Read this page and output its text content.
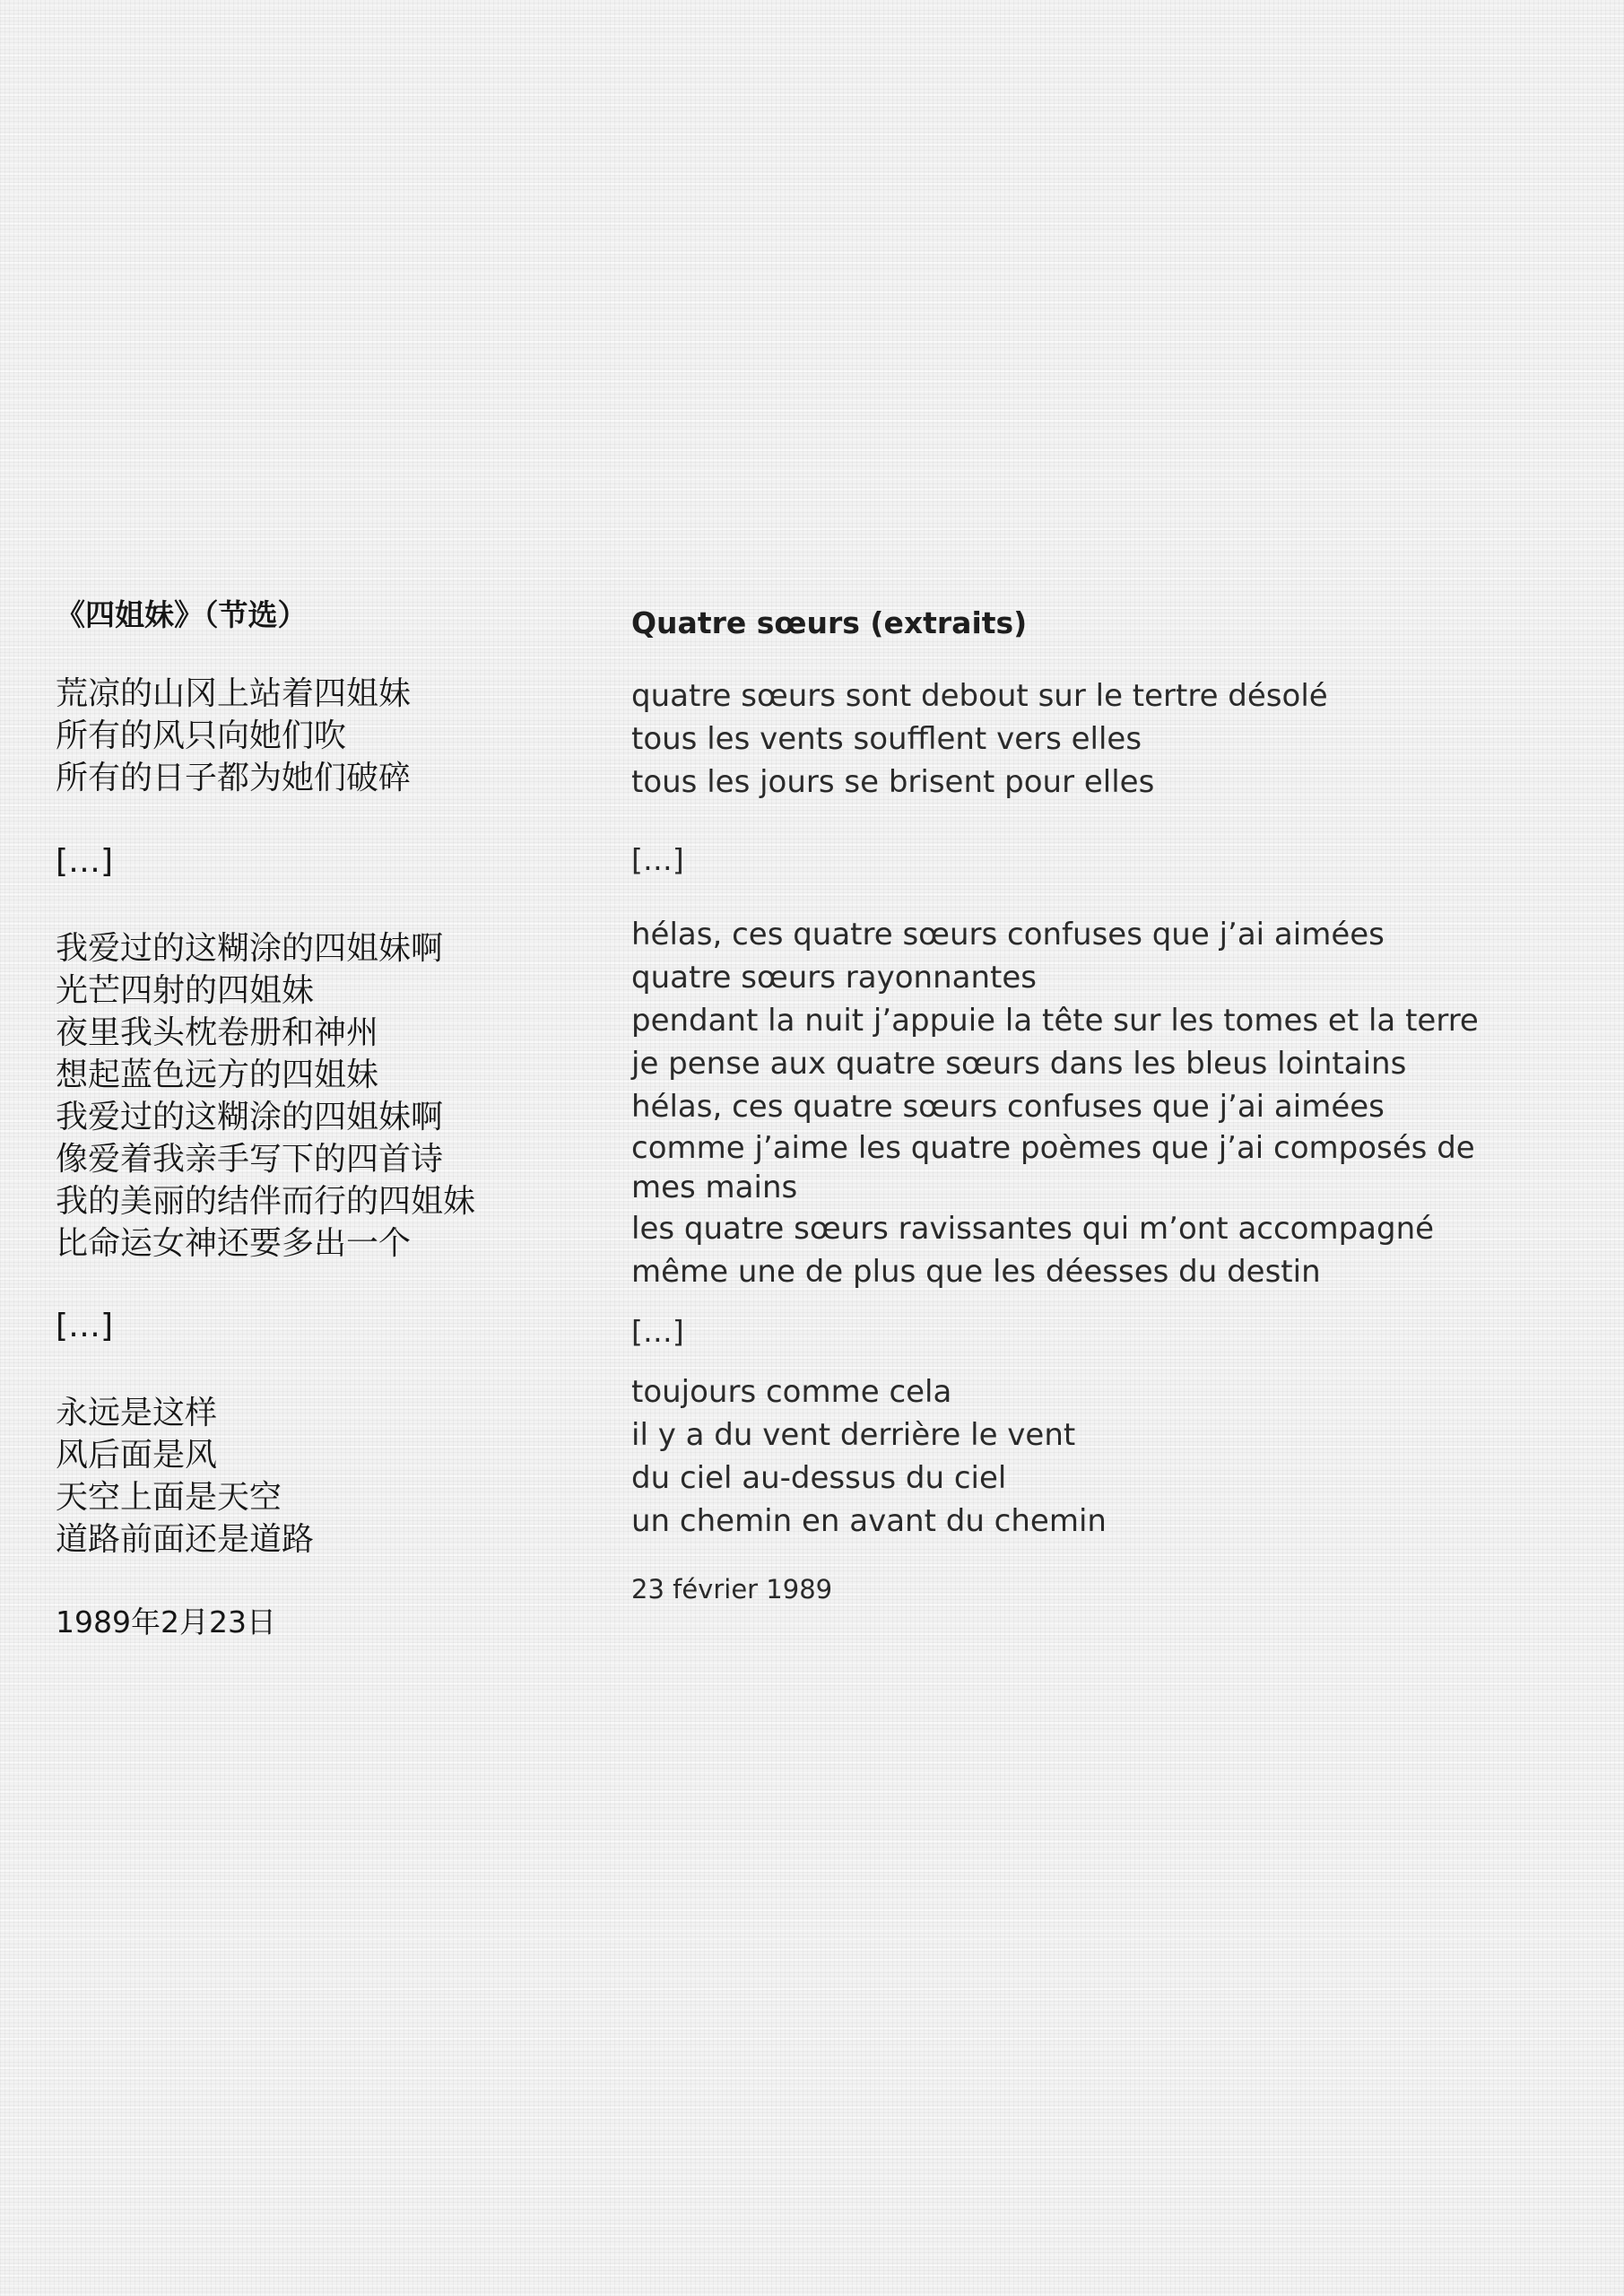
《四姐妹》（节选）
荒凉的山冈上站着四姐妹
所有的风只向她们吹
所有的日子都为她们破碎
[…]
我爱过的这糊涂的四姐妹啊
光芒四射的四姐妹
夜里我头枕卷册和神州
想起蓝色远方的四姐妹
我爱过的这糊涂的四姐妹啊
像爱着我亲手写下的四首诗
我的美丽的结伴而行的四姐妹
比命运女神还要多出一个
[…]
永远是这样
风后面是风
天空上面是天空
道路前面还是道路
1989年2月23日
Quatre sœurs (extraits)
quatre sœurs sont debout sur le tertre désolé
tous les vents soufflent vers elles
tous les jours se brisent pour elles
[…]
hélas, ces quatre sœurs confuses que j’ai aimées
quatre sœurs rayonnantes
pendant la nuit j’appuie la tête sur les tomes et la terre
je pense aux quatre sœurs dans les bleus lointains
hélas, ces quatre sœurs confuses que j’ai aimées
comme j’aime les quatre poèmes que j’ai composés de mes mains
les quatre sœurs ravissantes qui m’ont accompagné
même une de plus que les déesses du destin
[…]
toujours comme cela
il y a du vent derrière le vent
du ciel au-dessus du ciel
un chemin en avant du chemin
23 février 1989
